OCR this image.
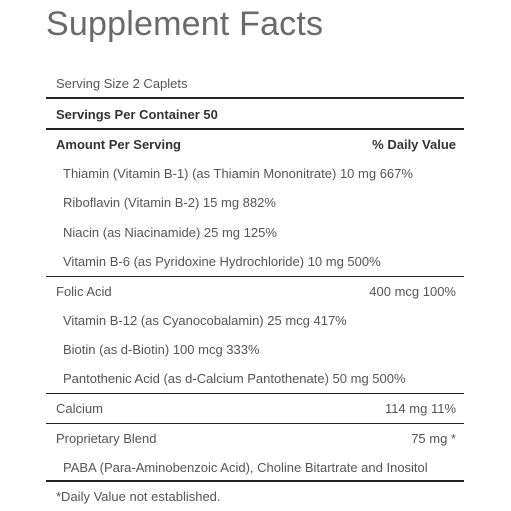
Supplement Facts
Serving Size 2 Caplets
Servings Per Container 50
Amount Per Serving	% Daily Value
Thiamin (Vitamin B-1) (as Thiamin Mononitrate) 10 mg 667%
Riboflavin (Vitamin B-2) 15 mg 882%
Niacin (as Niacinamide) 25 mg 125%
Vitamin B-6 (as Pyridoxine Hydrochloride) 10 mg 500%
Folic Acid	400 mcg 100%
Vitamin B-12 (as Cyanocobalamin) 25 mcg 417%
Biotin (as d-Biotin) 100 mcg 333%
Pantothenic Acid (as d-Calcium Pantothenate) 50 mg 500%
Calcium	114 mg 11%
Proprietary Blend	75 mg *
PABA (Para-Aminobenzoic Acid), Choline Bitartrate and Inositol
*Daily Value not established.
